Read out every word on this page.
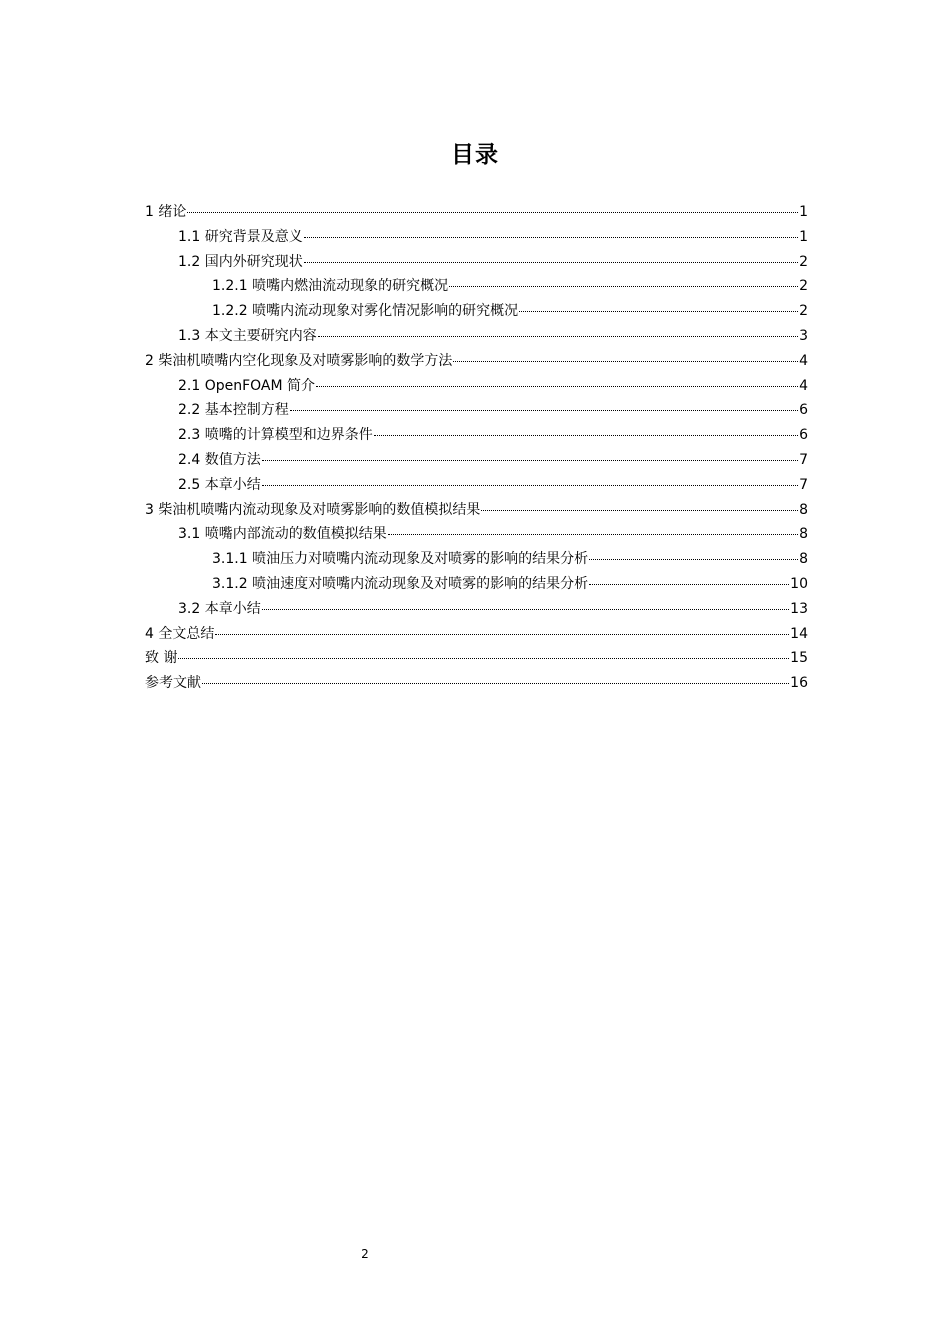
目录
1 绪论	1
1.1 研究背景及意义	1
1.2 国内外研究现状	2
1.2.1 喷嘴内燃油流动现象的研究概况	2
1.2.2 喷嘴内流动现象对雾化情况影响的研究概况	2
1.3 本文主要研究内容	3
2 柴油机喷嘴内空化现象及对喷雾影响的数学方法	4
2.1 OpenFOAM 简介	4
2.2 基本控制方程	6
2.3 喷嘴的计算模型和边界条件	6
2.4 数值方法	7
2.5 本章小结	7
3 柴油机喷嘴内流动现象及对喷雾影响的数值模拟结果	8
3.1 喷嘴内部流动的数值模拟结果	8
3.1.1 喷油压力对喷嘴内流动现象及对喷雾的影响的结果分析	8
3.1.2 喷油速度对喷嘴内流动现象及对喷雾的影响的结果分析	10
3.2 本章小结	13
4 全文总结	14
致 谢	15
参考文献	16
2
